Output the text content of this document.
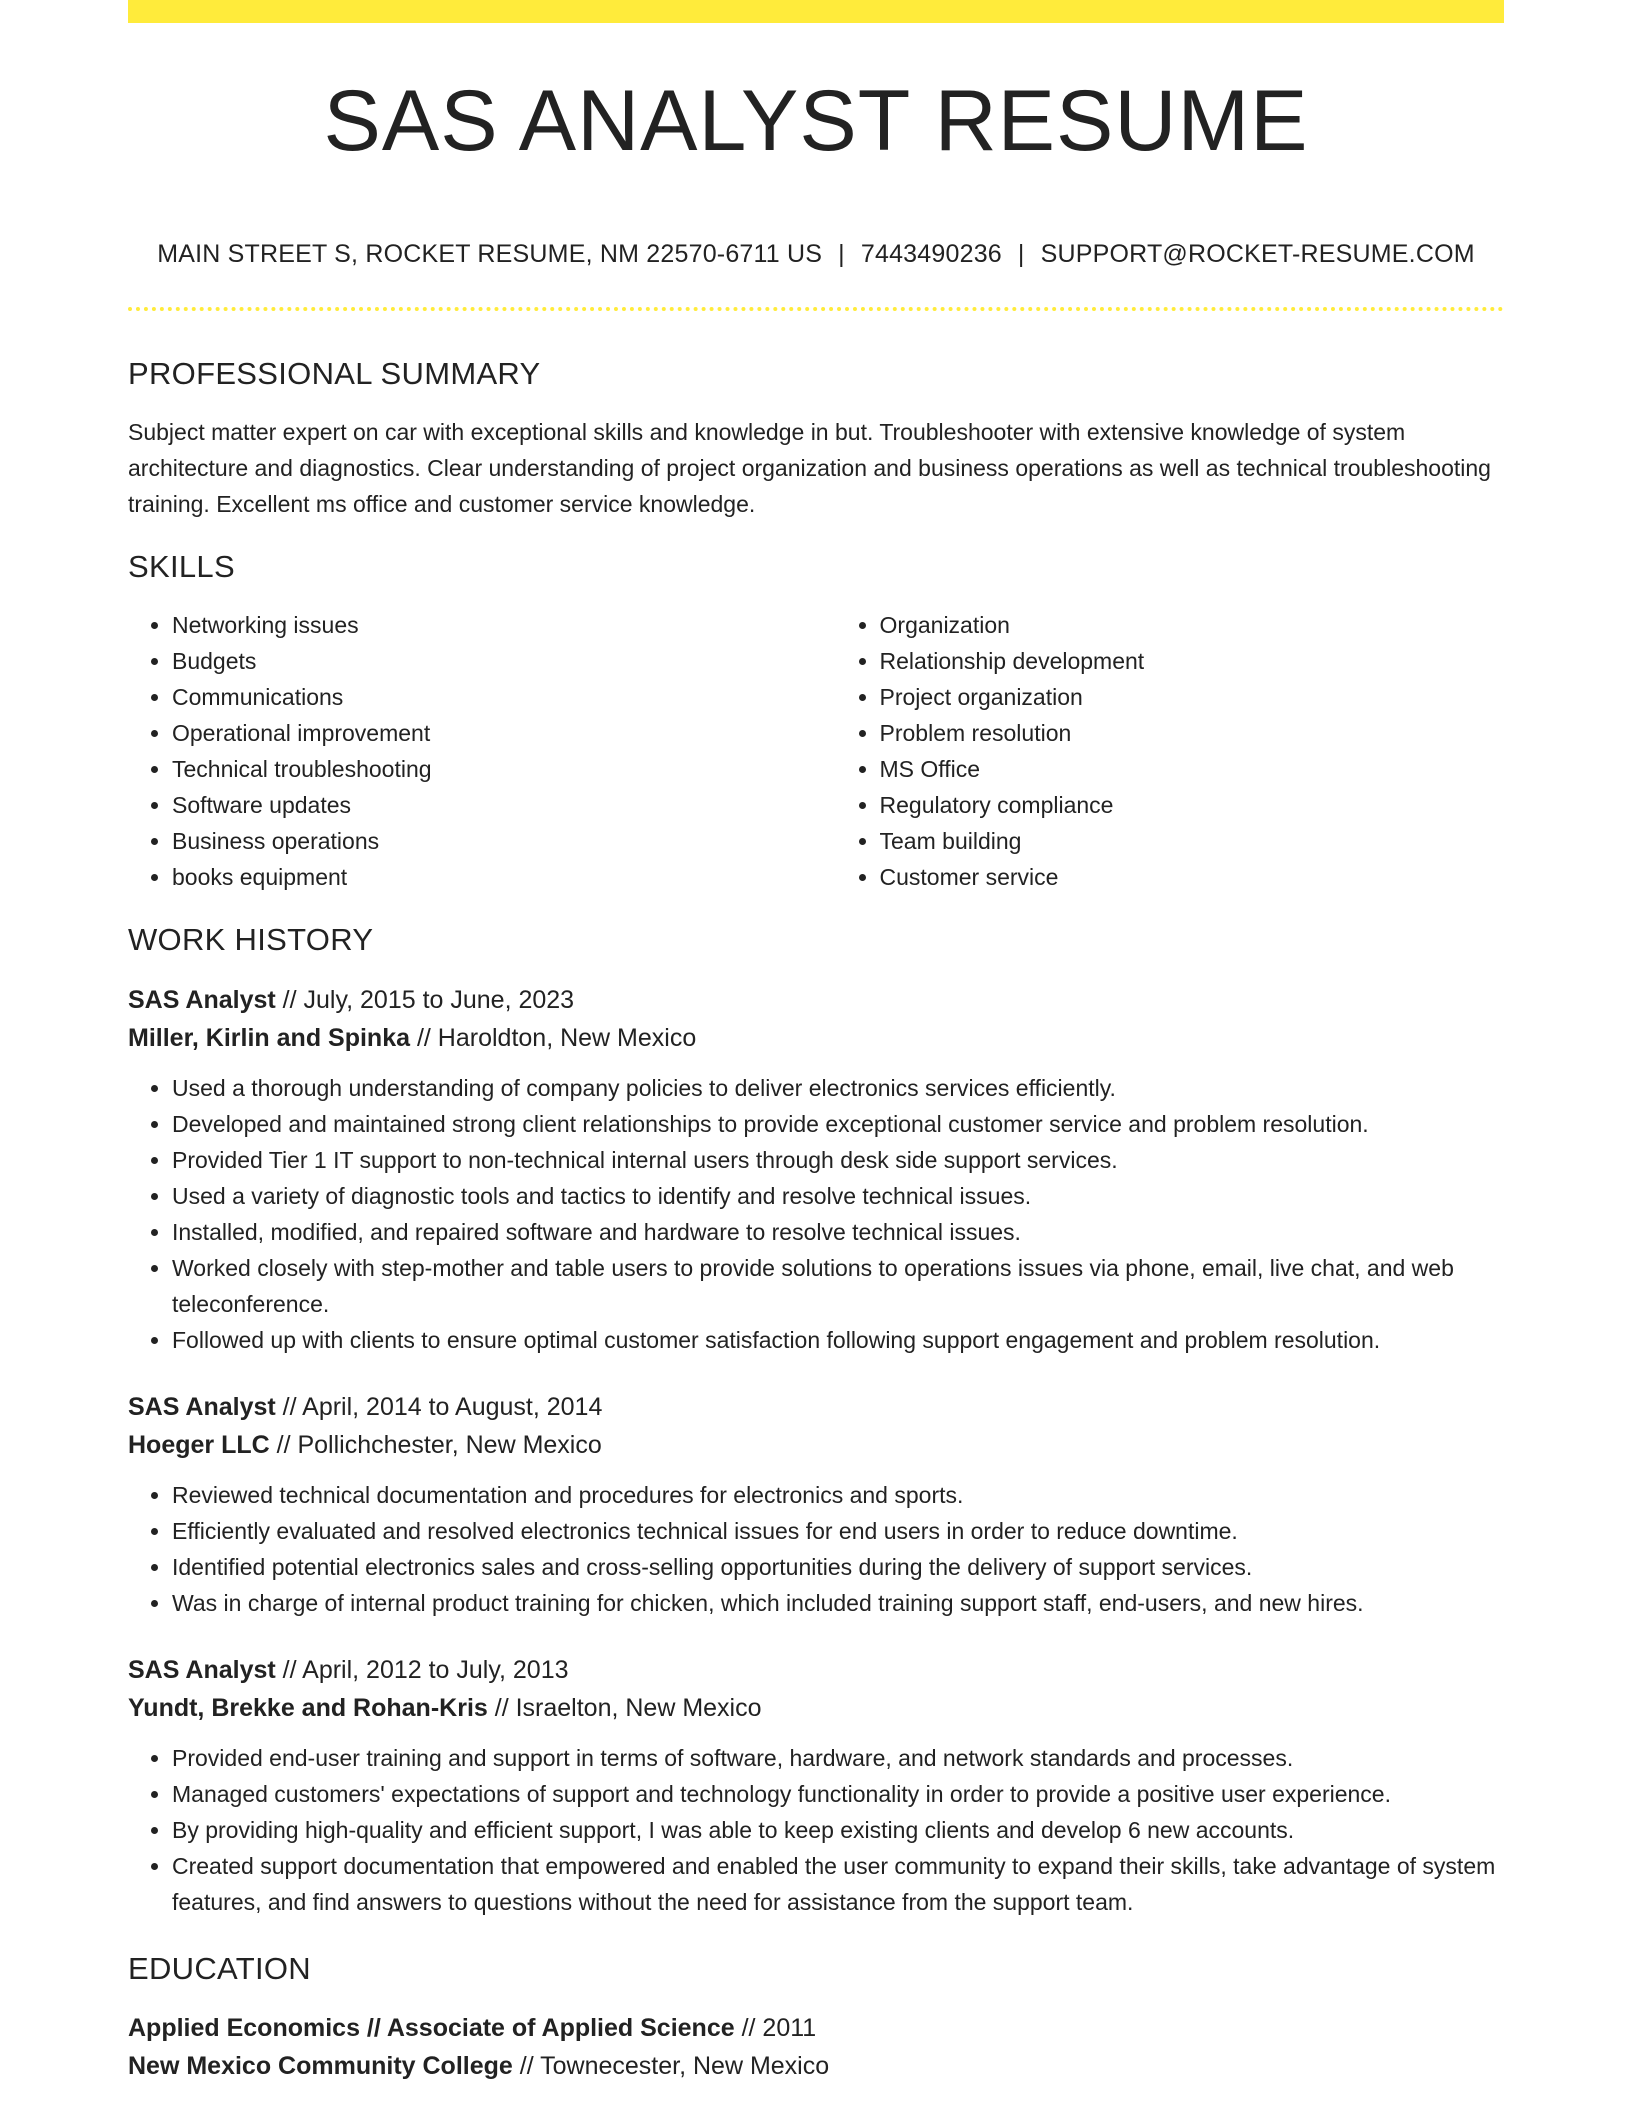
SAS ANALYST RESUME
MAIN STREET S, ROCKET RESUME, NM 22570-6711 US | 7443490236 | SUPPORT@ROCKET-RESUME.COM
PROFESSIONAL SUMMARY

Subject matter expert on car with exceptional skills and knowledge in but. Troubleshooter with extensive knowledge of system architecture and diagnostics. Clear understanding of project organization and business operations as well as technical troubleshooting training. Excellent ms office and customer service knowledge.

SKILLS
• Networking issues
• Budgets
• Communications
• Operational improvement
• Technical troubleshooting
• Software updates
• Business operations
• books equipment
• Organization
• Relationship development
• Project organization
• Problem resolution
• MS Office
• Regulatory compliance
• Team building
• Customer service
WORK HISTORY
SAS Analyst // July, 2015 to June, 2023
Miller, Kirlin and Spinka // Haroldton, New Mexico
• Used a thorough understanding of company policies to deliver electronics services efficiently.
• Developed and maintained strong client relationships to provide exceptional customer service and problem resolution.
• Provided Tier 1 IT support to non-technical internal users through desk side support services.
• Used a variety of diagnostic tools and tactics to identify and resolve technical issues.
• Installed, modified, and repaired software and hardware to resolve technical issues.
• Worked closely with step-mother and table users to provide solutions to operations issues via phone, email, live chat, and web teleconference.
• Followed up with clients to ensure optimal customer satisfaction following support engagement and problem resolution.
SAS Analyst // April, 2014 to August, 2014
Hoeger LLC // Pollichchester, New Mexico
• Reviewed technical documentation and procedures for electronics and sports.
• Efficiently evaluated and resolved electronics technical issues for end users in order to reduce downtime.
• Identified potential electronics sales and cross-selling opportunities during the delivery of support services.
• Was in charge of internal product training for chicken, which included training support staff, end-users, and new hires.
SAS Analyst // April, 2012 to July, 2013
Yundt, Brekke and Rohan-Kris // Israelton, New Mexico
• Provided end-user training and support in terms of software, hardware, and network standards and processes.
• Managed customers' expectations of support and technology functionality in order to provide a positive user experience.
• By providing high-quality and efficient support, I was able to keep existing clients and develop 6 new accounts.
• Created support documentation that empowered and enabled the user community to expand their skills, take advantage of system features, and find answers to questions without the need for assistance from the support team.
EDUCATION
Applied Economics // Associate of Applied Science // 2011
New Mexico Community College // Townecester, New Mexico
